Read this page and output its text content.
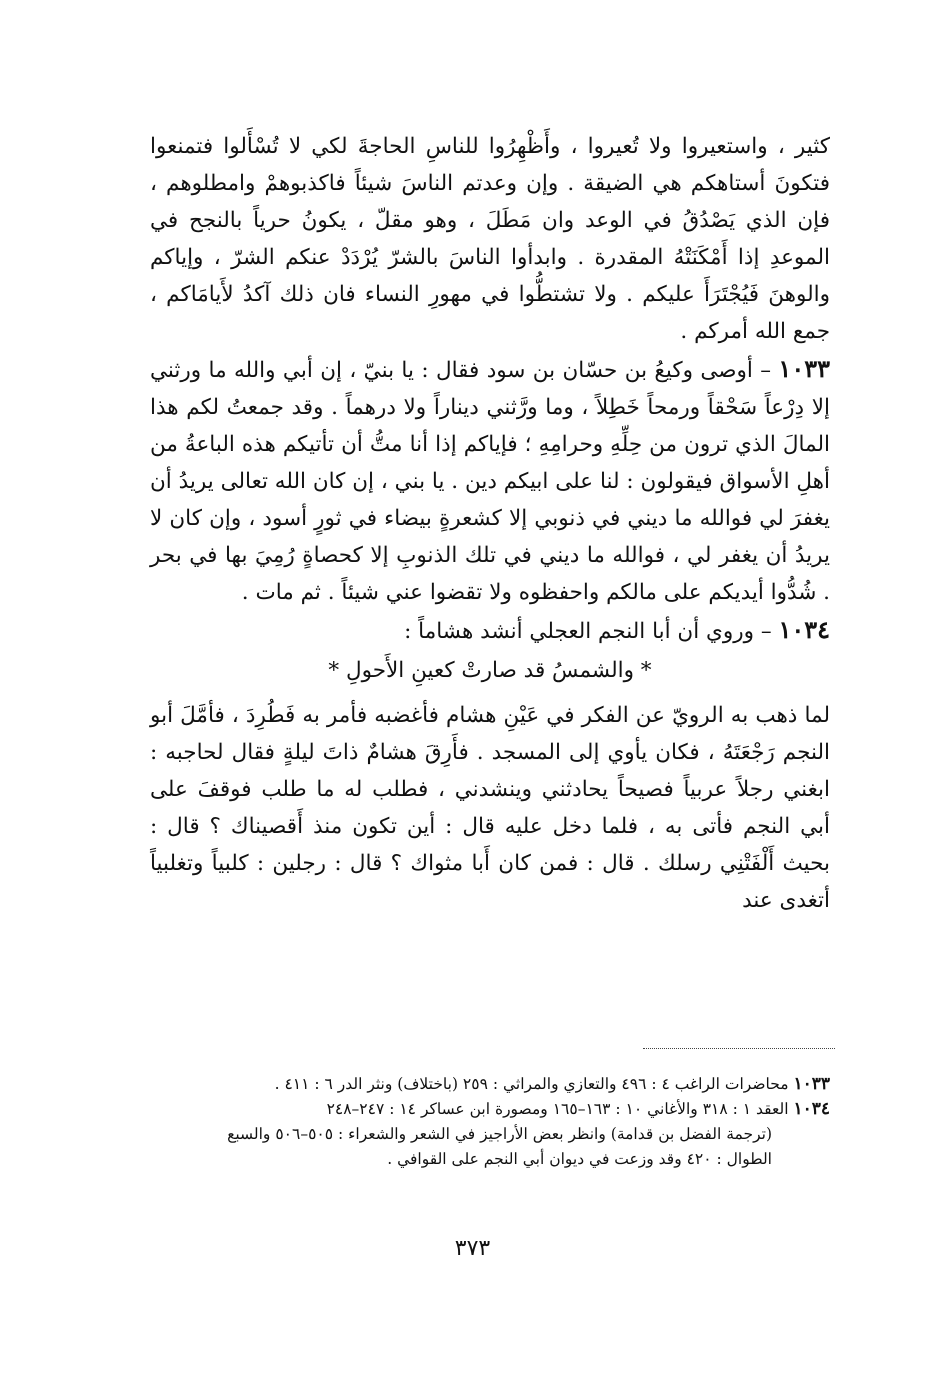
كثير ، واستعيروا ولا تُعيروا ، وأَظْهِرُوا للناسِ الحاجةَ لكي لا تُسْأَلوا فتمنعوا فتكونَ أستاهكم هي الضيقة . وإن وعدتم الناسَ شيئاً فاكذبوهمْ وامطلوهم ، فإن الذي يَصْدُقُ في الوعد وان مَطَلَ ، وهو مقلّ ، يكونُ حرياً بالنجح في الموعدِ إذا أَمْكَنَتْهُ المقدرة . وابدأوا الناسَ بالشرّ يُرْدَدْ عنكم الشرّ ، وإياكم والوهنَ فَيُجْتَرَأَ عليكم . ولا تشتطُّوا في مهورِ النساء فان ذلك آكدُ لأَيامَاكم ، جمع الله أمركم .

١٠٣٣ – أوصى وكيعُ بن حسّان بن سود فقال : يا بنيّ ، إن أبي والله ما ورثني إلا دِرْعاً سَحْقاً ورمحاً خَطِلاً ، وما ورَّثني ديناراً ولا درهماً . وقد جمعتُ لكم هذا المالَ الذي ترون من حِلِّهِ وحرامِهِ ؛ فإياكم إذا أنا متُّ أن تأتيكم هذه الباعةُ من أهلِ الأسواق فيقولون : لنا على ابيكم دين . يا بني ، إن كان الله تعالى يريدُ أن يغفرَ لي فوالله ما ديني في ذنوبي إلا كشعرةٍ بيضاء في ثورٍ أسود ، وإن كان لا يريدُ أن يغفر لي ، فوالله ما ديني في تلك الذنوبِ إلا كحصاةٍ رُمِيَ بها في بحر . شُدُّوا أيديكم على مالكم واحفظوه ولا تقضوا عني شيئاً . ثم مات .

١٠٣٤ – وروي أن أبا النجم العجلي أنشد هشاماً :

* والشمسُ قد صارتْ كعينِ الأَحولِ *

لما ذهب به الرويّ عن الفكر في عَيْنِ هشام فأغضبه فأمر به فَطُرِدَ ، فأمَّلَ أبو النجم رَجْعَتَهُ ، فكان يأوي إلى المسجد . فأَرِقَ هشامٌ ذاتَ ليلةٍ فقال لحاجبه : ابغني رجلاً عربياً فصيحاً يحادثني وينشدني ، فطلب له ما طلب فوقفَ على أبي النجم فأتى به ، فلما دخل عليه قال : أين تكون منذ أَقصيناك ؟ قال : بحيث أَلْفَتْنِي رسلك . قال : فمن كان أَبا مثواك ؟ قال : رجلين : كلبياً وتغلبياً أتغدى عند

١٠٣٣ محاضرات الراغب ٤ : ٤٩٦ والتعازي والمراثي : ٢٥٩ (باختلاف) ونثر الدر ٦ : ٤١١ .

١٠٣٤ العقد ١ : ٣١٨ والأغاني ١٠ : ١٦٣–١٦٥ ومصورة ابن عساكر ١٤ : ٢٤٧–٢٤٨

(ترجمة الفضل بن قدامة) وانظر بعض الأراجيز في الشعر والشعراء : ٥٠٥–٥٠٦ والسبع

الطوال : ٤٢٠ وقد وزعت في ديوان أبي النجم على القوافي .

٣٧٣
